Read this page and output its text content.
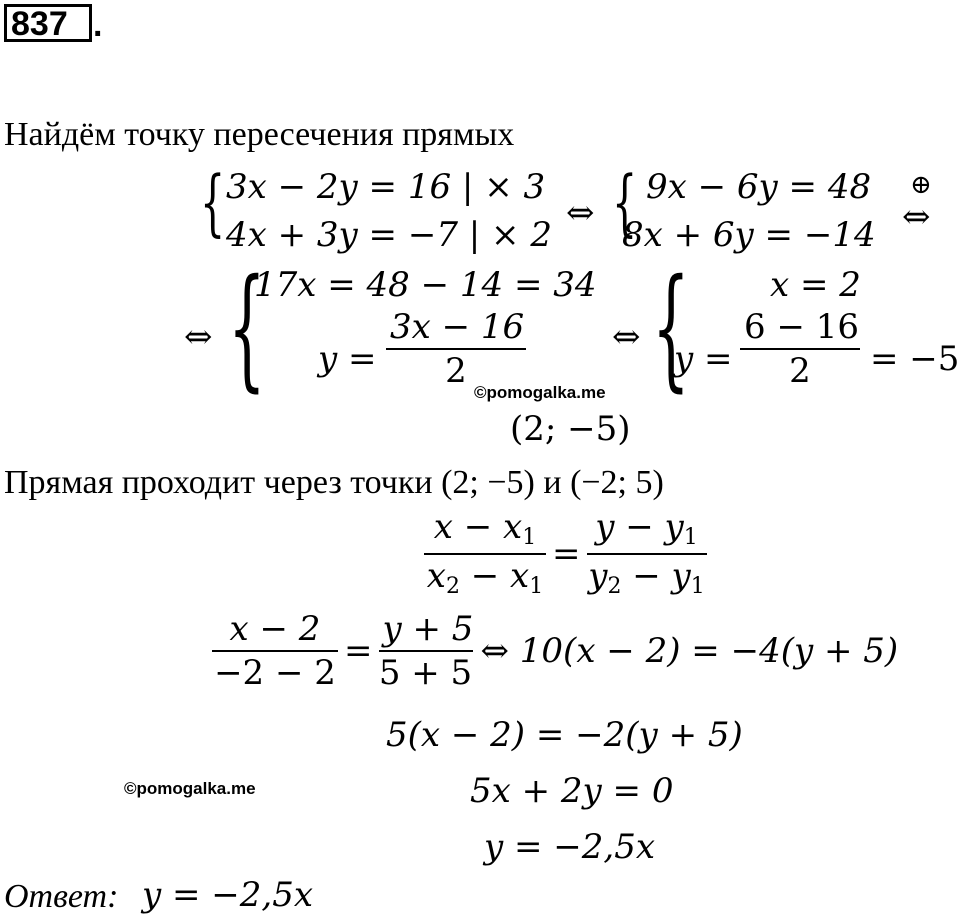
837 .
Найдём точку пересечения прямых
{ 3x − 2y = 16 | × 3
4x + 3y = −7 | × 2
⇔ { 9x − 6y = 48
8x + 6y = −14
⊕
⇔
⇔ {
17x = 48 − 14 = 34
$y = \frac{3x - 16}{2}$
©pomogalka.me
⇔ { x = 2
$y = \frac{6 - 16}{2} = -5$
(2; −5)
Прямая проходит через точки (2; −5) и (−2; 5)
$\frac{x - x_1}{x_2 - x_1} = \frac{y - y_1}{y_2 - y_1}$
$\frac{x - 2}{-2 - 2} = \frac{y + 5}{5 + 5}$ ⇔ 10(x − 2) = −4(y + 5)
5(x − 2) = −2(y + 5)
©pomogalka.me	5x + 2y = 0
y = −2,5x
Ответ: y = −2,5x
